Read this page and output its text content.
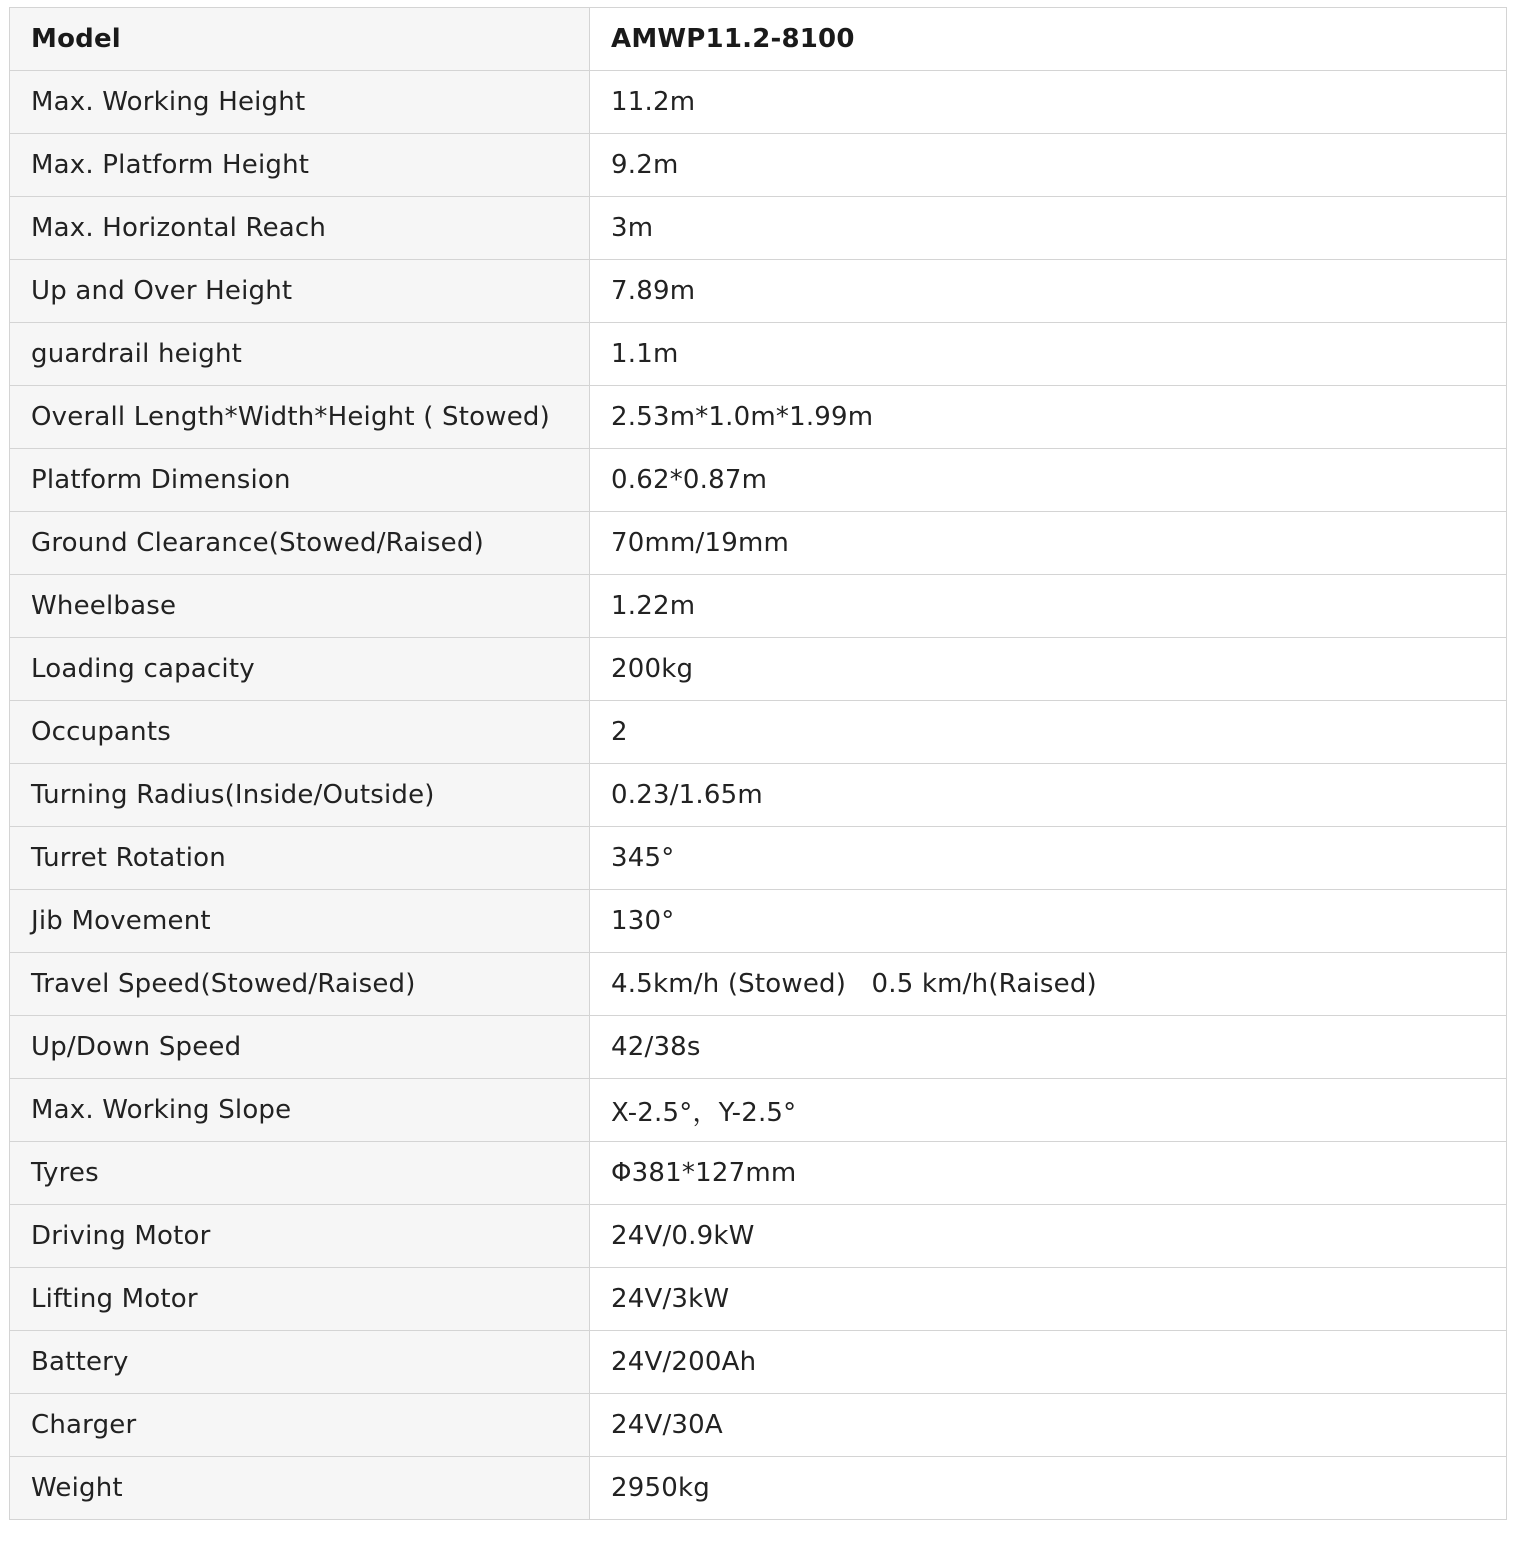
Model	AMWP11.2-8100
Max. Working Height	11.2m
Max. Platform Height	9.2m
Max. Horizontal Reach	3m
Up and Over Height	7.89m
guardrail height	1.1m
Overall Length*Width*Height ( Stowed)	2.53m*1.0m*1.99m
Platform Dimension	0.62*0.87m
Ground Clearance(Stowed/Raised)	70mm/19mm
Wheelbase	1.22m
Loading capacity	200kg
Occupants	2
Turning Radius(Inside/Outside)	0.23/1.65m
Turret Rotation	345°
Jib Movement	130°
Travel Speed(Stowed/Raised)	4.5km/h (Stowed)   0.5 km/h(Raised)
Up/Down Speed	42/38s
Max. Working Slope	X-2.5°，Y-2.5°
Tyres	Φ381*127mm
Driving Motor	24V/0.9kW
Lifting Motor	24V/3kW
Battery	24V/200Ah
Charger	24V/30A
Weight	2950kg
